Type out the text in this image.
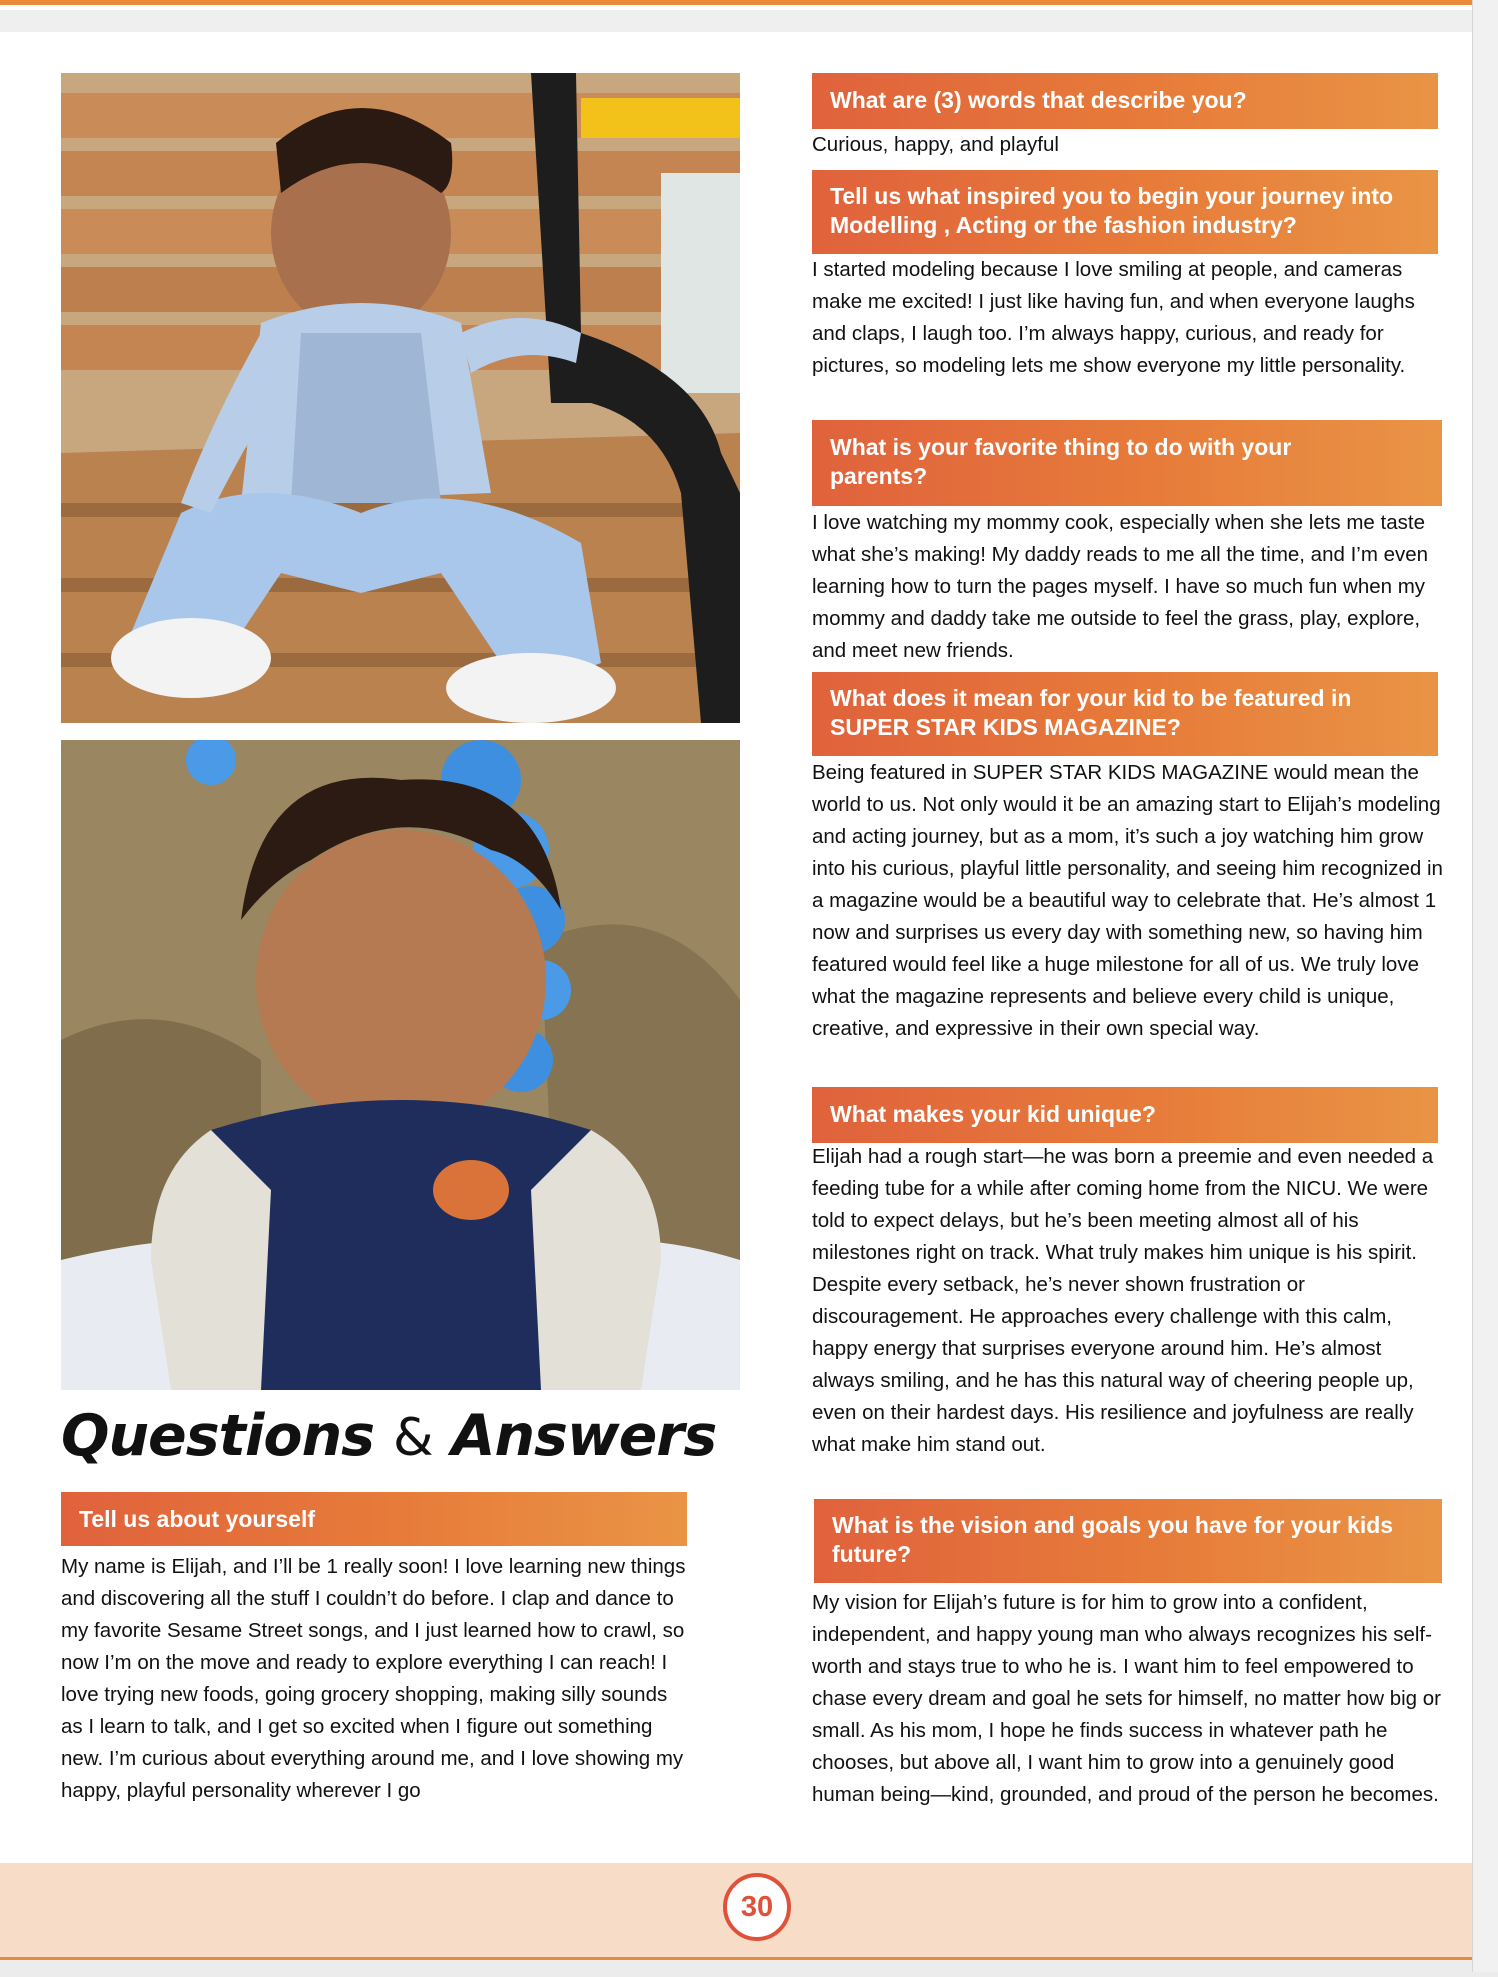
Questions & Answers
Tell us about yourself
My name is Elijah, and I’ll be 1 really soon! I love learning new things and discovering all the stuff I couldn’t do before. I clap and dance to my favorite Sesame Street songs, and I just learned how to crawl, so now I’m on the move and ready to explore everything I can reach! I love trying new foods, going grocery shopping, making silly sounds as I learn to talk, and I get so excited when I figure out something new. I’m curious about everything around me, and I love showing my happy, playful personality wherever I go
What are (3) words that describe you?
Curious, happy, and playful
Tell us what inspired you to begin your journey into Modelling , Acting or the fashion industry?
I started modeling because I love smiling at people, and cameras make me excited! I just like having fun, and when everyone laughs and claps, I laugh too. I’m always happy, curious, and ready for pictures, so modeling lets me show everyone my little personality.
What is your favorite thing to do with your parents?
I love watching my mommy cook, especially when she lets me taste what she’s making! My daddy reads to me all the time, and I’m even learning how to turn the pages myself. I have so much fun when my mommy and daddy take me outside to feel the grass, play, explore, and meet new friends.
What does it mean for your kid to be featured in SUPER STAR KIDS MAGAZINE?
Being featured in SUPER STAR KIDS MAGAZINE would mean the world to us. Not only would it be an amazing start to Elijah’s modeling and acting journey, but as a mom, it’s such a joy watching him grow into his curious, playful little personality, and seeing him recognized in a magazine would be a beautiful way to celebrate that. He’s almost 1 now and surprises us every day with something new, so having him featured would feel like a huge milestone for all of us. We truly love what the magazine represents and believe every child is unique, creative, and expressive in their own special way.
What makes your kid unique?
Elijah had a rough start—he was born a preemie and even needed a feeding tube for a while after coming home from the NICU. We were told to expect delays, but he’s been meeting almost all of his milestones right on track. What truly makes him unique is his spirit. Despite every setback, he’s never shown frustration or discouragement. He approaches every challenge with this calm, happy energy that surprises everyone around him. He’s almost always smiling, and he has this natural way of cheering people up, even on their hardest days. His resilience and joyfulness are really what make him stand out.
What is the vision and goals you have for your kids future?
My vision for Elijah’s future is for him to grow into a confident, independent, and happy young man who always recognizes his self-worth and stays true to who he is. I want him to feel empowered to chase every dream and goal he sets for himself, no matter how big or small. As his mom, I hope he finds success in whatever path he chooses, but above all, I want him to grow into a genuinely good human being—kind, grounded, and proud of the person he becomes.
30
